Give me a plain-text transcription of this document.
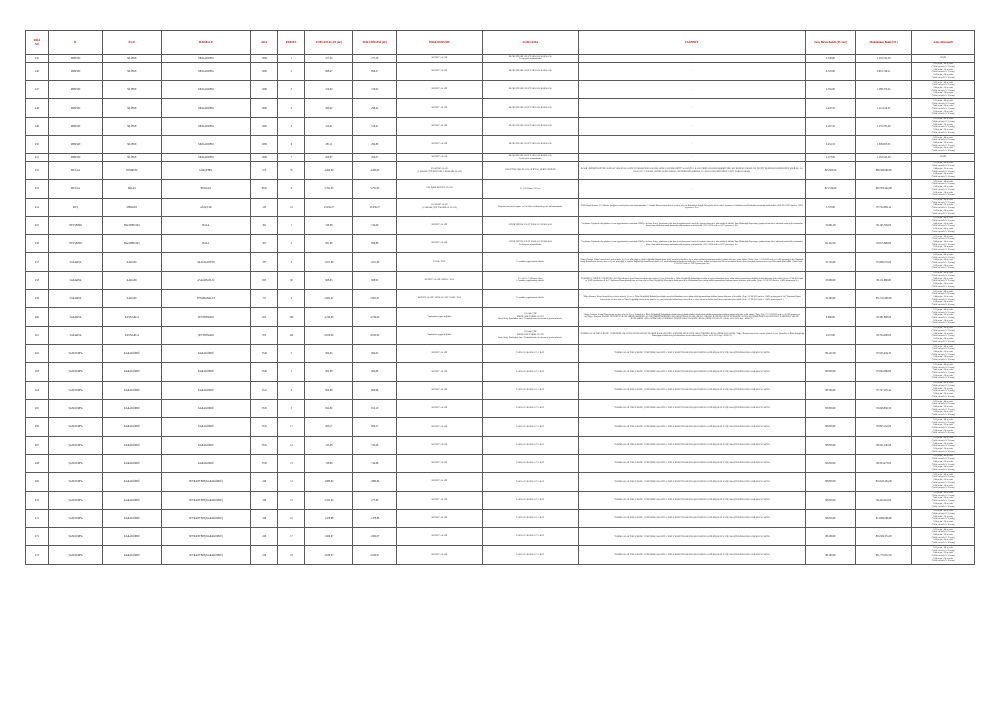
SIRA
NO	İL	İLÇE	MAHALLE	ADA	PARSEL	TOPLAM ALAN (m²)	TOKİ HİSSESİ (m²)	İMAR DURUMU	AÇIKLAMA	TAAHHÜT	Satış Birim Bedeli (TL/m2)	Muhammen Bedel (TL)	Satış Alternatifi
445	MERSİN	SİLİFKE	MUKADDEM	1009	1	277,50	277,50	KONUT ALANI	BLOK NİZAM 3 KAT TAKS 0.30 KAKS 0.90
Tevhit şartı aranmaktadır	-	4.330,00	1.201.741,50	PEŞİN
446	MERSİN	SİLİFKE	MUKADDEM	1009	2	898,47	898,47	KONUT ALANI	BLOK NİZAM 3 KAT TAKS 0.30 KAKS 0.90	-	4.345,00	4.001.749,21	%25 peşin - 48 ay vade
(Yıllık en fazla % 25 artış)
%40 peşin - 36 ay vade
(Yıllık en fazla % 15 artış)
%50 peşin - 24 ay vade
(Yıllık en fazla % 10 artış)
447	MERSİN	SİLİFKE	MUKADDEM	1009	3	319,02	319,02	KONUT ALANI	BLOK NİZAM 3 KAT TAKS 0.30 KAKS 0.90	-	4.352,00	1.388.375,04	%25 peşin - 48 ay vade
(Yıllık en fazla % 25 artış)
%40 peşin - 36 ay vade
(Yıllık en fazla % 15 artış)
%50 peşin - 24 ay vade
(Yıllık en fazla % 10 artış)
448	MERSİN	SİLİFKE	MUKADDEM	1009	4	290,42	290,42	KONUT ALANI	BLOK NİZAM 3 KAT TAKS 0.30 KAKS 0.90	-	4.447,50	1.411.619,55	%25 peşin - 48 ay vade
(Yıllık en fazla % 25 artış)
%40 peşin - 36 ay vade
(Yıllık en fazla % 15 artış)
%50 peşin - 24 ay vade
(Yıllık en fazla % 10 artış)
449	MERSİN	SİLİFKE	MUKADDEM	1009	5	319,61	319,61	KONUT ALANI	BLOK NİZAM 3 KAT TAKS 0.30 KAKS 0.90	-	4.467,50	1.355.781,68	%25 peşin - 48 ay vade
(Yıllık en fazla % 25 artış)
%40 peşin - 36 ay vade
(Yıllık en fazla % 15 artış)
%50 peşin - 24 ay vade
(Yıllık en fazla % 10 artış)
450	MERSİN	SİLİFKE	MUKADDEM	1009	6	281,11	294,83	KONUT ALANI	BLOK NİZAM 3 KAT TAKS 0.30 KAKS 0.90	-	4.452,32	1.309.855,05	%25 peşin - 48 ay vade
(Yıllık en fazla % 25 artış)
%40 peşin - 36 ay vade
(Yıllık en fazla % 15 artış)
%50 peşin - 24 ay vade
(Yıllık en fazla % 10 artış)
451	MERSİN	SİLİFKE	MUKADDEM	1009	7	266,07	266,07	KONUT ALANI	BLOK NİZAM 3 KAT TAKS 0.30 KAKS 0.90
Tevhit şartı aranmaktadır	-	4.273,00	1.163.545,48	PEŞİN
452	MUĞLA	BODRUM	GÖKÇEBEL	973	35	4.200,00	4.200,00	PLANSIZ ALAN
(1/100.000 ÇDP KENTSEL YERLEŞİK ALAN)	1989 YÖRE-2900 PLANLAR İPTAL, ŞERH VERİLDİ	İKAMI, SİZİNİÇİN BÜYÜK AVSİLAN YERLER'LE GAYRİ VE İMARICILIK RAKAMLARINCA DEĞERLİ BÜTÜ ALAN İÇİN 1 KALP GİRİŞ'İ GERÇEKLEŞMEKTEDİR. SÖZ KONUSU PARSEL İLE TEVHİT İŞLEMLERİ GÖRÜLDÜĞÜ ŞEKİLDE, 155 NO.LU VE 72 PARSEL LEHİNE HARİTASINDA GÖSTERİLDİĞİ ŞEKİLDE, 155 NO.LU BELEDİYESİNCE GEÇİT HAKKI VARDIR.	825.600,00	899.500.000,00	%25 peşin - 48 ay vade
(Yıllık en fazla % 25 artış)
%40 peşin - 36 ay vade
(Yıllık en fazla % 15 artış)
%50 peşin - 24 ay vade
(Yıllık en fazla % 10 artış)
453	MUĞLA	MİLAS	BURGAZ	8345	6	5.791,95	5.791,95	GELİŞME KONUT ALANI	E=1.20 Hmax=18.5 m	-	813.519,00	892.383.444,98	%25 peşin - 48 ay vade
(Yıllık en fazla % 25 artış)
%40 peşin - 36 ay vade
(Yıllık en fazla % 15 artış)
%50 peşin - 24 ay vade
(Yıllık en fazla % 10 artış)
454	MUŞ	MERKEZ	AĞAÇLIK	143	16	23.436,27	23.436,27	PLANSIZ ALAN
(1/100.000 ÇDP TARIMSAL ALAN)	Taşınmaz üzerinde taşınır ve 3.ü elbise kullanılan yerler bulunmaktadır.	*9290 Sayılı Kanunu 35.3. Madde gereğince ancak işletmesinin kapsamındadır. * Atatürk Kanunu hizmetlerine eserden şehir ile Bakanlıkça değişik Beyaçlarla ailesi ehliyet, taşınmaz ve hakkalar ancak Bakanları tarafından kaldırılabilir. (KB 4/3/3/2022 tarih ve 10912 sayısına ve ilce)	3.710,00	87.724.069,14	%25 peşin - 48 ay vade
(Yıllık en fazla % 25 artış)
%40 peşin - 36 ay vade
(Yıllık en fazla % 15 artış)
%50 peşin - 24 ay vade
(Yıllık en fazla % 10 artış)
455	NEVŞEHİR	HACIBEKTAŞ	BALA	361	1	749,08	744,00	KONUT ALANI	AYRIK NİZAM 2 KAT TAKS 0.15 KAKS 0.60	*Açıklama: Yapılacak olan planlar ve imar uygulamaları sonucunda TOKİ'ye ait hisse ileriye yansıtması şehir kuru hesaplama parsel satılır ile başvuru hizmeti ve alan sahibi ile birlikte Tapu Müdürlüğü Başvuruşu; yapılacak tüm ilave hakkında emin kişiler tarafından bizzat olup sahibi başvuruşu tarafından olup taşınmaz verilmektedir. (20.12.2024 tarih ve 6527 yazısına ve ile)	32.891,00	82.165.559,00	%25 peşin - 48 ay vade
(Yıllık en fazla % 25 artış)
%40 peşin - 36 ay vade
(Yıllık en fazla % 15 artış)
%50 peşin - 24 ay vade
(Yıllık en fazla % 10 artış)
456	NEVŞEHİR	HACIBEKTAŞ	BALA	361	2	991,98	999,88	KONUT ALANI	AYRIK NİZAM 2 KAT TAKS 0.15 KAKS 0.60
Tevhit şartı aranmaktadır	*Açıklama: Yapılacak olan planlar ve imar uygulamaları sonucunda TOKİ'ye ait hisse ileriye yansıtması şehir kuru hesaplama parsel satılır ile başvuru hizmeti ve alan sahibi ile birlikte Tapu Müdürlüğü Başvuruşu; yapılacak tüm ilave hakkında emin kişiler tarafından bizzat olup sahibi başvuruşu tarafından olup taşınmaz verilmektedir. (20.12.2024 tarih ve 6527 yazısına ve ile)	82.452,00	82.615.889,00	%25 peşin - 48 ay vade
(Yıllık en fazla % 25 artış)
%40 peşin - 36 ay vade
(Yıllık en fazla % 15 artış)
%50 peşin - 24 ay vade
(Yıllık en fazla % 10 artış)
457	SAKARYA	KARASU	AŞAĞIAZİZİYE	787	2	1.051,80	1.051,80	PARK+YOL	15 madde uygulanması tabidir.	*Diğer Kanunu, Kamu hizmetlerine serbest artlar ile Çevre şehirciliği ve idari Değişikliği Bakanlığınca hakkı arıcıyla kullanılmaz üzere taban sahibi taşınmazların hakkını alınma düzenme şehir sahibi. (Tarih : Sept : 07.08.2023 tarih ve 15491 promosyon iles'Yapılacak hesap Kurumlarına uzerine satın ve Çevre şehirciliği ve imarlar Değişikliği hizmetlerine idareler ve yasal hakkında kullanılması faaliyetleri ve ilave bakım bu harita olan Düzen tarafından hizmet alanı hem plan kayırması hem öncelikle olmak plan sahibi. (Tarih: Sept : 07.08.2023 tarih ve 15491 promosyon iles)	32.729,00	87.698.155,00	%25 peşin - 48 ay vade
(Yıllık en fazla % 25 artış)
%40 peşin - 36 ay vade
(Yıllık en fazla % 15 artış)
%50 peşin - 24 ay vade
(Yıllık en fazla % 10 artış)
458	SAKARYA	KARASU	AŞAĞIİNCİLLİ	655	30	908,93	908,93	KONUT ALANI+MERA+YOL	E=2.20 A=7 elKonut Alanı
15 madde uygulanması tabidir.	*NAKDİLE,2 VERİLE,51 İŞLİK,İNŞ.,2002 Eğit'sKumcu Ayarı hizmetlerinin üzerine şehir ve Çevre Şehircilik ve İklim Değişikliği Bakanlığınca hakkı arıcıyla kullanılmaz üzere taban sahibi taşınmazların hakkını alınma düzenme şehir sahibi. (Sept : 07.08.2023 tarih ve 15491 promosyon ile ile) *Açıklama: Kamu hizmetlerine uz olan satın ve İdare Değişikliği Sözleşmesi hakkı arıcıyla ne kullanılmaz üzere taban sahibi taşınmazların hakkını alınma düzenme şehir sahibi. (Sept : 07.08.2023 tarih ve 15491 promosyon ile)	33.660,00	86.111.680,00	%25 peşin - 48 ay vade
(Yıllık en fazla % 25 artış)
%40 peşin - 36 ay vade
(Yıllık en fazla % 15 artış)
%50 peşin - 24 ay vade
(Yıllık en fazla % 10 artış)
459	SAKARYA	KARASU	YENİMAHALLE	727	3	5.681,61	5.681,61	KONUT ALANI+SPOR ALANI+PARK+YOL	15 madde uygulanması tabidir.	*Diğer Kanunu, Kamu hizmetlerine serbest artlar ile Çevre ve İklim Değişikliği Bakanlığınca hakkı arıcıyla kullanılmaz üzere taban sahibi taşınmazların hakkını alınma düzenme şehir sahibi. (Sept : 07.08.2023 tarih ve 15491 promosyon ile ile)*Yapılacak Kamu hizmetlerine uzerine satın ve İdare Değişikliği hizmetlerine idareler ve yasal hakkında kullanılması faaliyetleri ve ilave bakım bu harita olan Düzen tarafından plan sahibi. (Sept : 07.08.2023 tarih ve 15491 promosyon ile)	33.460,00	831.331.809,00	%25 peşin - 48 ay vade
(Yıllık en fazla % 25 artış)
%40 peşin - 36 ay vade
(Yıllık en fazla % 15 artış)
%50 peşin - 24 ay vade
(Yıllık en fazla % 10 artış)
460	SAKARYA	KAYNARCA	ŞEYHTİMARI	655	506	4.720,00	4.720,00	Yapılaşma uygun değildir.	1/25.000 ÇDP
MEZRALIK TARIM ALANI
İmza Suriş Tarihinden önce 25 maddesinin incelenmesi gerekmektedir.	*Diğer: Kanunu, Kamu Hizmetlerine uzerine şehir ile Çevre, Şehircilik ve İklim Değişikliği Bakanlığınca hakkı arıcıyla hakkı alanlar olarak taban sahibi taşınmazların hakkını alınma düzenme şehir sahibi. (Tarih : İlçe : 13.7.08/2022 tarih ve 62.169 promosyon ile)*Diğer: Kurumu, PARSEL HÜTÜKÜYA KAPSAMINDA KORUMA ALANI ÇIMENT'DEREDEN ANLAMAKİ İMAR PLANLARI İLE ANLAMA KANUNU GEÇEN YÜZLERDE ALANLARI İÇERİSİNDE KALMASI HALİ HAKKINDA 3402 SK. KAPSAMINDA ŞİN: ALINMASINA TARİMSAL TESPİTİ AMACI BAŞIMLA KULLANILMASI AMACI , (Tarih: 14.10.2023 Sayı : 6094172)	8.990,00	82.381.800,00	%25 peşin - 48 ay vade
(Yıllık en fazla % 25 artış)
%40 peşin - 36 ay vade
(Yıllık en fazla % 15 artış)
%50 peşin - 24 ay vade
(Yıllık en fazla % 10 artış)
461	SAKARYA	KAYNARCA	ŞEYHTİMARI	853	224	8.810,00	8.810,00	Yapılaşma uygun değildir.	1/25.000 ÇDP
MEZRALIK TARIM ALANI
İmza Suriş Tarihinden önce 25 maddesinin incelenmesi gerekmektedir.	*TARIMSALLAR TOPLU KONU, 2 ÜRETMEK AMACI İLE TOPLU KONUT İDARESİ BAŞKANLIĞINA SATILMIŞ OLUP SATIŞ AMAÇTIRSINDA KULLANILMAYACAKTIR. *Diğer: Kamu hizmetlerine uzerine şehir ile Çevre Şehircilik ve İklim Değişikliği Bakanlığınca hakkı arıcıyla kullanılmaz olarak taban sahibi. (Tarih: 14.10.2023 Sayı : 6094172)	9.472,00	83.794.400,00	%25 peşin - 48 ay vade
(Yıllık en fazla % 25 artış)
%40 peşin - 36 ay vade
(Yıllık en fazla % 15 artış)
%50 peşin - 24 ay vade
(Yıllık en fazla % 10 artış)
462	ŞANLIURFA	KARAKÖPRÜ	KARAKÖPRÜ	5546	5	964,93	964,05	KONUT ALANI	TAKS 0.35 KAKS 0.75 5 KAT	*TARIMSALLAR TOPLU KONU, 2 ÜRETMEK AMACIYLA TOPLU KONUT İDARESİ BAŞKANLIĞINA SATILMIŞ OLUP SATIŞ AMAÇTIRSINDA KULLANILMAYACAKTIR.	89.147,00	87.935.944,35	%25 peşin - 48 ay vade
(Yıllık en fazla % 25 artış)
%40 peşin - 36 ay vade
(Yıllık en fazla % 15 artış)
%50 peşin - 24 ay vade
(Yıllık en fazla % 10 artış)
463	ŞANLIURFA	KARAKÖPRÜ	KARAKÖPRÜ	5546	1	904,98	904,98	KONUT ALANI	TAKS 0.35 KAKS 0.75 5 KAT	*TARIMSALLAR TOPLU KONU, 2 ÜRETMEK AMACIYLA TOPLU KONUT İDARESİ BAŞKANLIĞINA SATILMIŞ OLUP SATIŞ AMAÇTIRSINDA KULLANILMAYACAKTIR.	88.850,00	87.664.380,00	%25 peşin - 48 ay vade
(Yıllık en fazla % 25 artış)
%40 peşin - 36 ay vade
(Yıllık en fazla % 15 artış)
%50 peşin - 24 ay vade
(Yıllık en fazla % 10 artış)
464	ŞANLIURFA	KARAKÖPRÜ	KARAKÖPRÜ	5541	3	804,98	860,98	KONUT ALANI	TAKS 0.35 KAKS 0.75 5 KAT	*TARIMSALLAR TOPLU KONU, 2 ÜRETMEK AMACIYLA TOPLU KONUT İDARESİ BAŞKANLIĞINA SATILMIŞ OLUP SATIŞ AMAÇTIRSINDA KULLANILMAYACAKTIR.	88.560,00	87.767.405,44	%25 peşin - 48 ay vade
(Yıllık en fazla % 25 artış)
%40 peşin - 36 ay vade
(Yıllık en fazla % 15 artış)
%50 peşin - 24 ay vade
(Yıllık en fazla % 10 artış)
465	ŞANLIURFA	KARAKÖPRÜ	KARAKÖPRÜ	5545	5	842,99	812,19	KONUT ALANI	TAKS 0.35 KAKS 0.75 5 KAT	*TARIMSALLAR TOPLU KONU, 2 ÜRETMEK AMACIYLA TOPLU KONUT İDARESİ BAŞKANLIĞINA SATILMIŞ OLUP SATIŞ AMAÇTIRSINDA KULLANILMAYACAKTIR.	88.850,00	85.696.836,50	%25 peşin - 48 ay vade
(Yıllık en fazla % 25 artış)
%40 peşin - 36 ay vade
(Yıllık en fazla % 15 artış)
%50 peşin - 24 ay vade
(Yıllık en fazla % 10 artış)
466	ŞANLIURFA	KARAKÖPRÜ	KARAKÖPRÜ	5545	11	900,17	900,51	KONUT ALANI	TAKS 0.35 KAKS 0.75 5 KAT	*TARIMSALLAR TOPLU KONU, 2 ÜRETMEK AMACIYLA TOPLU KONUT İDARESİ BAŞKANLIĞINA SATILMIŞ OLUP SATIŞ AMAÇTIRSINDA KULLANILMAYACAKTIR.	88.850,00	85.895.162,00	%25 peşin - 48 ay vade
(Yıllık en fazla % 25 artış)
%40 peşin - 36 ay vade
(Yıllık en fazla % 15 artış)
%50 peşin - 24 ay vade
(Yıllık en fazla % 10 artış)
467	ŞANLIURFA	KARAKÖPRÜ	KARAKÖPRÜ	5545	12	745,08	745,08	KONUT ALANI	TAKS 0.35 KAKS 0.75 5 KAT	*TARIMSALLAR TOPLU KONU, 2 ÜRETMEK AMACIYLA TOPLU KONUT İDARESİ BAŞKANLIĞINA SATILMIŞ OLUP SATIŞ AMAÇTIRSINDA KULLANILMAYACAKTIR.	88.850,00	86.591.230,98	%25 peşin - 48 ay vade
(Yıllık en fazla % 25 artış)
%40 peşin - 36 ay vade
(Yıllık en fazla % 15 artış)
%50 peşin - 24 ay vade
(Yıllık en fazla % 10 artış)
468	ŞANLIURFA	KARAKÖPRÜ	KARAKÖPRÜ	5545	13	746,98	744,98	KONUT ALANI	TAKS 0.35 KAKS 0.75 5 KAT	*TARIMSALLAR TOPLU KONU, 2 ÜRETMEK AMACIYLA TOPLU KONUT İDARESİ BAŞKANLIĞINA SATILMIŞ OLUP SATIŞ AMAÇTIRSINDA KULLANILMAYACAKTIR.	88.850,00	86.593.473,00	%25 peşin - 48 ay vade
(Yıllık en fazla % 25 artış)
%40 peşin - 36 ay vade
(Yıllık en fazla % 15 artış)
%50 peşin - 24 ay vade
(Yıllık en fazla % 10 artış)
469	ŞANLIURFA	KARAKÖPRÜ	SEYRANTEPE(KARAKÖPRÜ)	249	12	1.880,84	1.880,84	KONUT ALANI	TAKS 0.35 KAKS 0.75 5 KAT	*TARIMSALLAR TOPLU KONU, 2 ÜRETMEK AMACIYLA TOPLU KONUT İDARESİ BAŞKANLIĞINA SATILMIŞ OLUP SATIŞ AMAÇTIRSINDA KULLANILMAYACAKTIR.	88.850,00	816.645.434,00	%25 peşin - 48 ay vade
(Yıllık en fazla % 25 artış)
%40 peşin - 36 ay vade
(Yıllık en fazla % 15 artış)
%50 peşin - 24 ay vade
(Yıllık en fazla % 10 artış)
470	ŞANLIURFA	KARAKÖPRÜ	SEYRANTEPE(KARAKÖPRÜ)	249	13	2.545,66	277,89	KONUT ALANI	TAKS 0.35 KAKS 0.75 5 KAT	*TARIMSALLAR TOPLU KONU, 2 ÜRETMEK AMACIYLA TOPLU KONUT İDARESİ BAŞKANLIĞINA SATILMIŞ OLUP SATIŞ AMAÇTIRSINDA KULLANILMAYACAKTIR.	88.850,00	82.454.281,00	%25 peşin - 48 ay vade
(Yıllık en fazla % 25 artış)
%40 peşin - 36 ay vade
(Yıllık en fazla % 15 artış)
%50 peşin - 24 ay vade
(Yıllık en fazla % 10 artış)
471	ŞANLIURFA	KARAKÖPRÜ	SEYRANTEPE(KARAKÖPRÜ)	249	16	1.478,88	1.478,88	KONUT ALANI	TAKS 0.35 KAKS 0.75 5 KAT	*TARIMSALLAR TOPLU KONU, 2 ÜRETMEK AMACIYLA TOPLU KONUT İDARESİ BAŞKANLIĞINA SATILMIŞ OLUP SATIŞ AMAÇTIRSINDA KULLANILMAYACAKTIR.	88.850,00	813.086.068,00	%25 peşin - 48 ay vade
(Yıllık en fazla % 25 artış)
%40 peşin - 36 ay vade
(Yıllık en fazla % 15 artış)
%50 peşin - 24 ay vade
(Yıllık en fazla % 10 artış)
472	ŞANLIURFA	KARAKÖPRÜ	SEYRANTEPE(KARAKÖPRÜ)	249	17	1.969,07	1.969,07	KONUT ALANI	TAKS 0.35 KAKS 0.75 5 KAT	*TARIMSALLAR TOPLU KONU, 2 ÜRETMEK AMACIYLA TOPLU KONUT İDARESİ BAŞKANLIĞINA SATILMIŞ OLUP SATIŞ AMAÇTIRSINDA KULLANILMAYACAKTIR.	88.260,00	816.304.274,20	%25 peşin - 48 ay vade
(Yıllık en fazla % 25 artış)
%40 peşin - 36 ay vade
(Yıllık en fazla % 15 artış)
%50 peşin - 24 ay vade
(Yıllık en fazla % 10 artış)
473	ŞANLIURFA	KARAKÖPRÜ	SEYRANTEPE(KARAKÖPRÜ)	249	18	2.630,97	2.630,97	KONUT ALANI	TAKS 0.35 KAKS 0.75 5 KAT	*TARIMSALLAR TOPLU KONU, 2 ÜRETMEK AMACIYLA TOPLU KONUT İDARESİ BAŞKANLIĞINA SATILMIŞ OLUP SATIŞ AMAÇTIRSINDA KULLANILMAYACAKTIR.	88.260,00	821.731.812,20	%25 peşin - 48 ay vade
(Yıllık en fazla % 25 artış)
%40 peşin - 36 ay vade
(Yıllık en fazla % 15 artış)
%50 peşin - 24 ay vade
(Yıllık en fazla % 10 artış)
